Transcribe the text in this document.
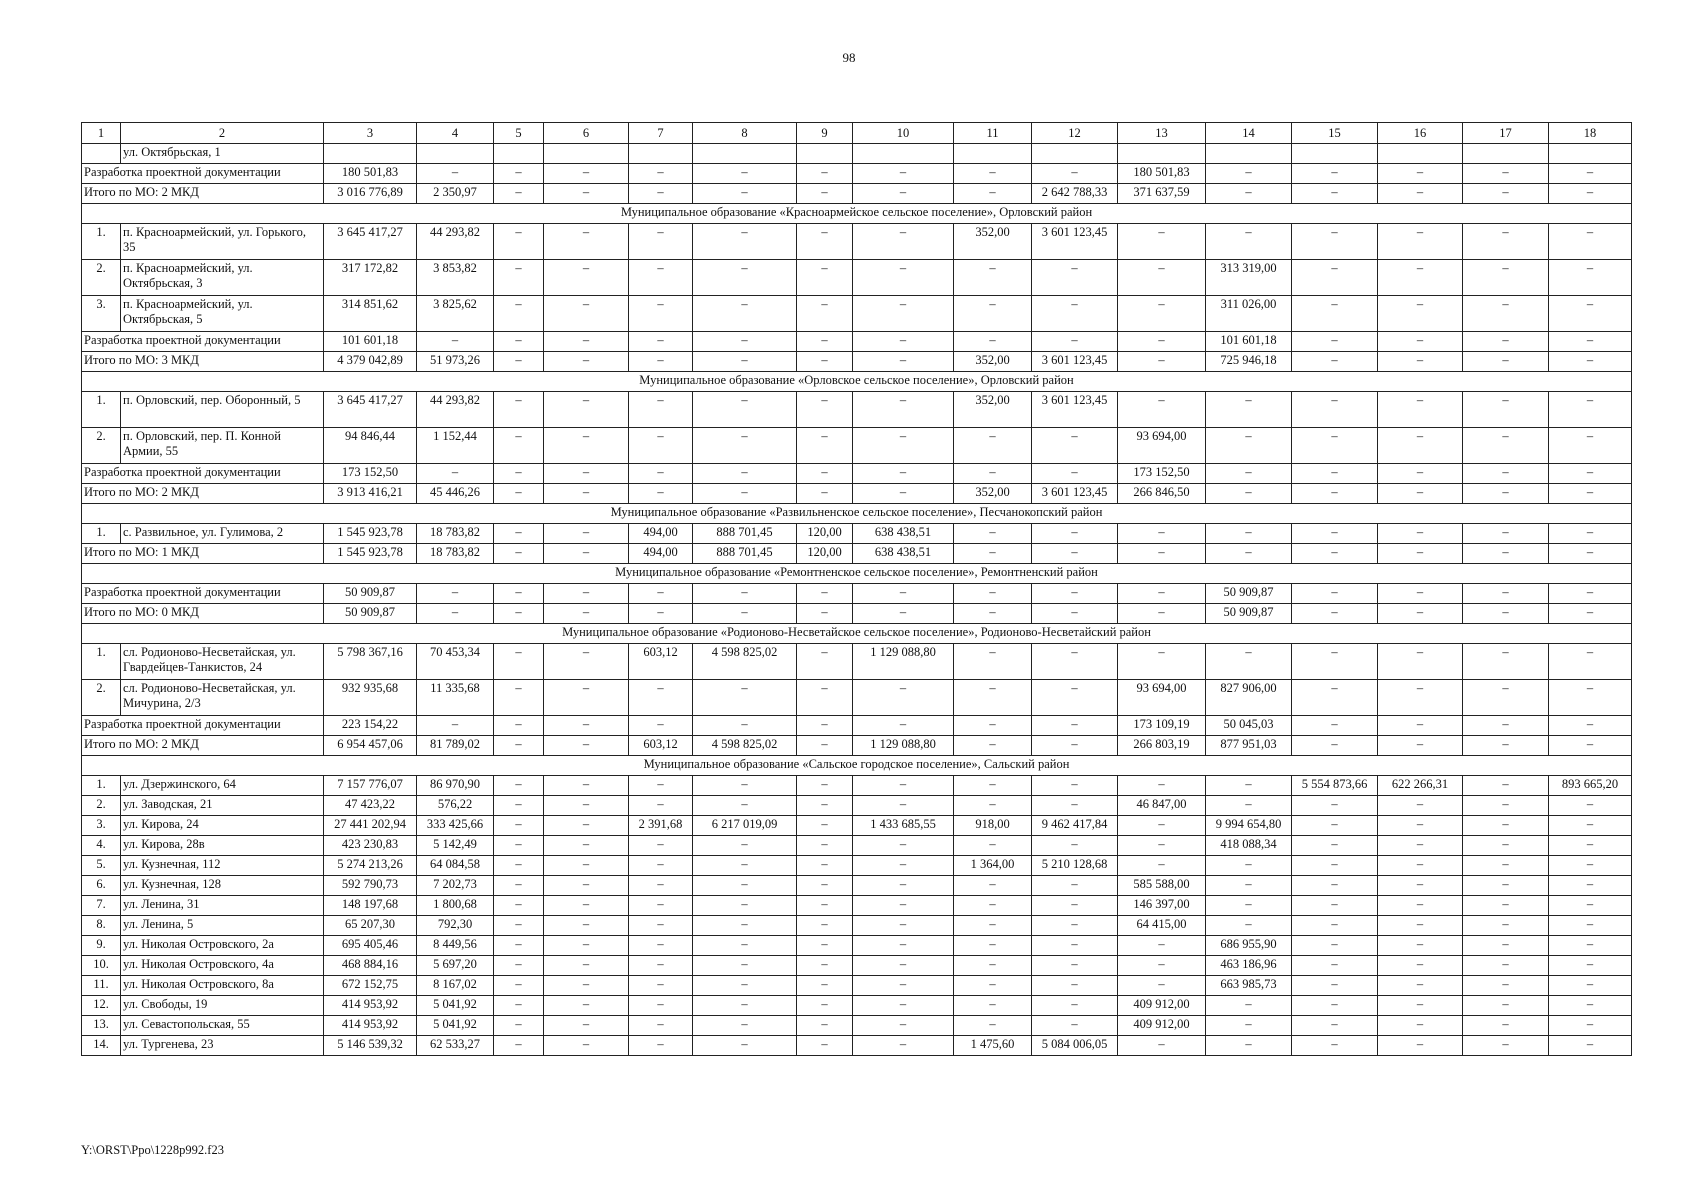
98
1	2	3	4	5	6	7	8	9	10	11	12	13	14	15	16	17	18
	ул. Октябрьская, 1																
Разработка проектной документации		180 501,83	–	–	–	–	–	–	–	–	–	180 501,83	–	–	–	–	–
Итого по МО: 2 МКД		3 016 776,89	2 350,97	–	–	–	–	–	–	–	2 642 788,33	371 637,59	–	–	–	–	–
Муниципальное образование «Красноармейское сельское поселение», Орловский район																	
1.	п. Красноармейский, ул. Горького, 35	3 645 417,27	44 293,82	–	–	–	–	–	–	352,00	3 601 123,45	–	–	–	–	–	–
2.	п. Красноармейский, ул. Октябрьская, 3	317 172,82	3 853,82	–	–	–	–	–	–	–	–	–	313 319,00	–	–	–	–
3.	п. Красноармейский, ул. Октябрьская, 5	314 851,62	3 825,62	–	–	–	–	–	–	–	–	–	311 026,00	–	–	–	–
Разработка проектной документации		101 601,18	–	–	–	–	–	–	–	–	–	–	101 601,18	–	–	–	–
Итого по МО: 3 МКД		4 379 042,89	51 973,26	–	–	–	–	–	–	352,00	3 601 123,45	–	725 946,18	–	–	–	–
Муниципальное образование «Орловское сельское поселение», Орловский район																	
1.	п. Орловский, пер. Оборонный, 5	3 645 417,27	44 293,82	–	–	–	–	–	–	352,00	3 601 123,45	–	–	–	–	–	–
2.	п. Орловский, пер. П. Конной Армии, 55	94 846,44	1 152,44	–	–	–	–	–	–	–	–	93 694,00	–	–	–	–	–
Разработка проектной документации		173 152,50	–	–	–	–	–	–	–	–	–	173 152,50	–	–	–	–	–
Итого по МО: 2 МКД		3 913 416,21	45 446,26	–	–	–	–	–	–	352,00	3 601 123,45	266 846,50	–	–	–	–	–
Муниципальное образование «Развильненское сельское поселение», Песчанокопский район																	
1.	с. Развильное, ул. Гулимова, 2	1 545 923,78	18 783,82	–	–	494,00	888 701,45	120,00	638 438,51	–	–	–	–	–	–	–	–
Итого по МО: 1 МКД		1 545 923,78	18 783,82	–	–	494,00	888 701,45	120,00	638 438,51	–	–	–	–	–	–	–	–
Муниципальное образование «Ремонтненское сельское поселение», Ремонтненский район																	
Разработка проектной документации		50 909,87	–	–	–	–	–	–	–	–	–	–	50 909,87	–	–	–	–
Итого по МО: 0 МКД		50 909,87	–	–	–	–	–	–	–	–	–	–	50 909,87	–	–	–	–
Муниципальное образование «Родионово-Несветайское сельское поселение», Родионово-Несветайский район																	
1.	сл. Родионово-Несветайская, ул. Гвардейцев-Танкистов, 24	5 798 367,16	70 453,34	–	–	603,12	4 598 825,02	–	1 129 088,80	–	–	–	–	–	–	–	–
2.	сл. Родионово-Несветайская, ул. Мичурина, 2/3	932 935,68	11 335,68	–	–	–	–	–	–	–	–	93 694,00	827 906,00	–	–	–	–
Разработка проектной документации		223 154,22	–	–	–	–	–	–	–	–	–	173 109,19	50 045,03	–	–	–	–
Итого по МО: 2 МКД		6 954 457,06	81 789,02	–	–	603,12	4 598 825,02	–	1 129 088,80	–	–	266 803,19	877 951,03	–	–	–	–
Муниципальное образование «Сальское городское поселение», Сальский район																	
1.	ул. Дзержинского, 64	7 157 776,07	86 970,90	–	–	–	–	–	–	–	–	–	–	5 554 873,66	622 266,31	–	893 665,20
2.	ул. Заводская, 21	47 423,22	576,22	–	–	–	–	–	–	–	–	46 847,00	–	–	–	–	–
3.	ул. Кирова, 24	27 441 202,94	333 425,66	–	–	2 391,68	6 217 019,09	–	1 433 685,55	918,00	9 462 417,84	–	9 994 654,80	–	–	–	–
4.	ул. Кирова, 28в	423 230,83	5 142,49	–	–	–	–	–	–	–	–	–	418 088,34	–	–	–	–
5.	ул. Кузнечная, 112	5 274 213,26	64 084,58	–	–	–	–	–	–	1 364,00	5 210 128,68	–	–	–	–	–	–
6.	ул. Кузнечная, 128	592 790,73	7 202,73	–	–	–	–	–	–	–	–	585 588,00	–	–	–	–	–
7.	ул. Ленина, 31	148 197,68	1 800,68	–	–	–	–	–	–	–	–	146 397,00	–	–	–	–	–
8.	ул. Ленина, 5	65 207,30	792,30	–	–	–	–	–	–	–	–	64 415,00	–	–	–	–	–
9.	ул. Николая Островского, 2а	695 405,46	8 449,56	–	–	–	–	–	–	–	–	–	686 955,90	–	–	–	–
10.	ул. Николая Островского, 4а	468 884,16	5 697,20	–	–	–	–	–	–	–	–	–	463 186,96	–	–	–	–
11.	ул. Николая Островского, 8а	672 152,75	8 167,02	–	–	–	–	–	–	–	–	–	663 985,73	–	–	–	–
12.	ул. Свободы, 19	414 953,92	5 041,92	–	–	–	–	–	–	–	–	409 912,00	–	–	–	–	–
13.	ул. Севастопольская, 55	414 953,92	5 041,92	–	–	–	–	–	–	–	–	409 912,00	–	–	–	–	–
14.	ул. Тургенева, 23	5 146 539,32	62 533,27	–	–	–	–	–	–	1 475,60	5 084 006,05	–	–	–	–	–	–
Y:\ORST\Ppo\1228p992.f23
